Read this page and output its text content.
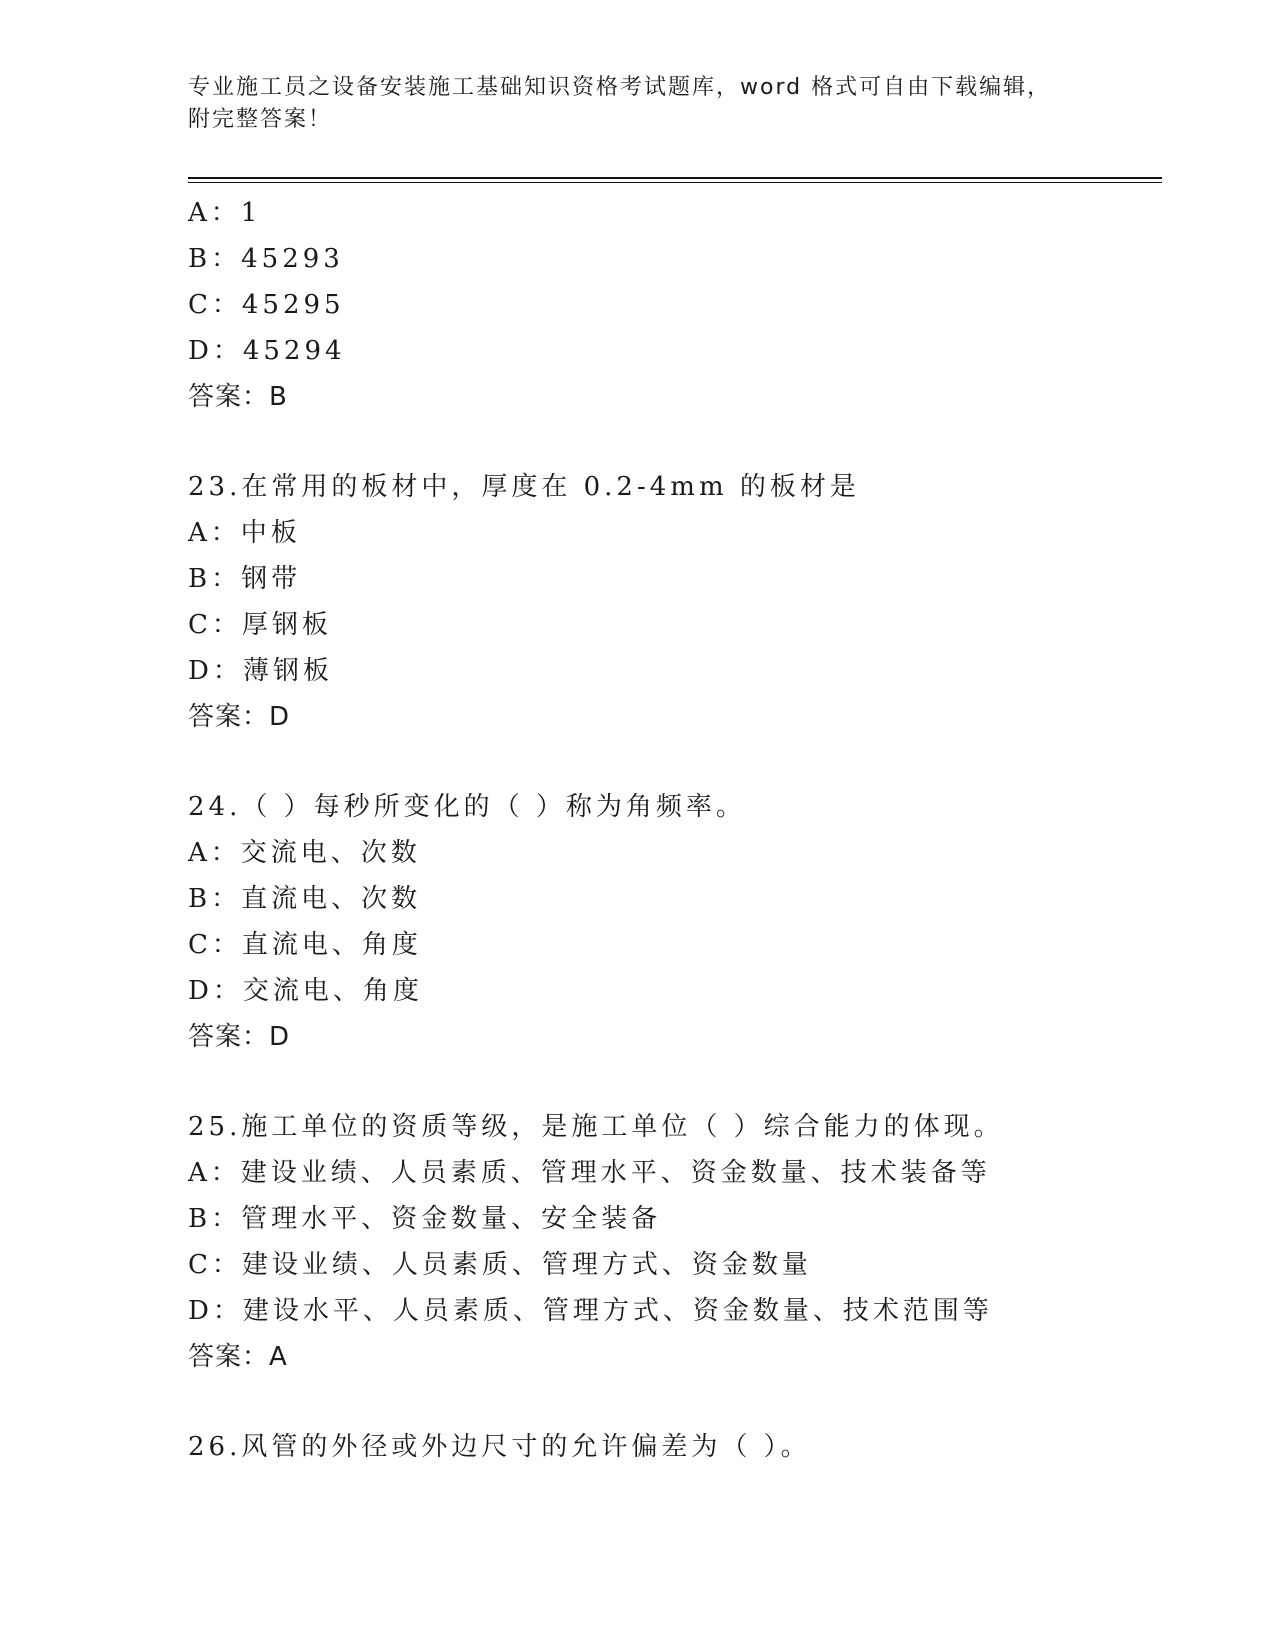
专业施工员之设备安装施工基础知识资格考试题库，word 格式可自由下载编辑，
附完整答案！
A：1
B：45293
C：45295
D：45294
答案：B
23.在常用的板材中，厚度在 0.2-4mm 的板材是
A：中板
B：钢带
C：厚钢板
D：薄钢板
答案：D
24.（ ）每秒所变化的（ ）称为角频率。
A：交流电、次数
B：直流电、次数
C：直流电、角度
D：交流电、角度
答案：D
25.施工单位的资质等级，是施工单位（ ）综合能力的体现。
A：建设业绩、人员素质、管理水平、资金数量、技术装备等
B：管理水平、资金数量、安全装备
C：建设业绩、人员素质、管理方式、资金数量
D：建设水平、人员素质、管理方式、资金数量、技术范围等
答案：A
26.风管的外径或外边尺寸的允许偏差为（ ）。
